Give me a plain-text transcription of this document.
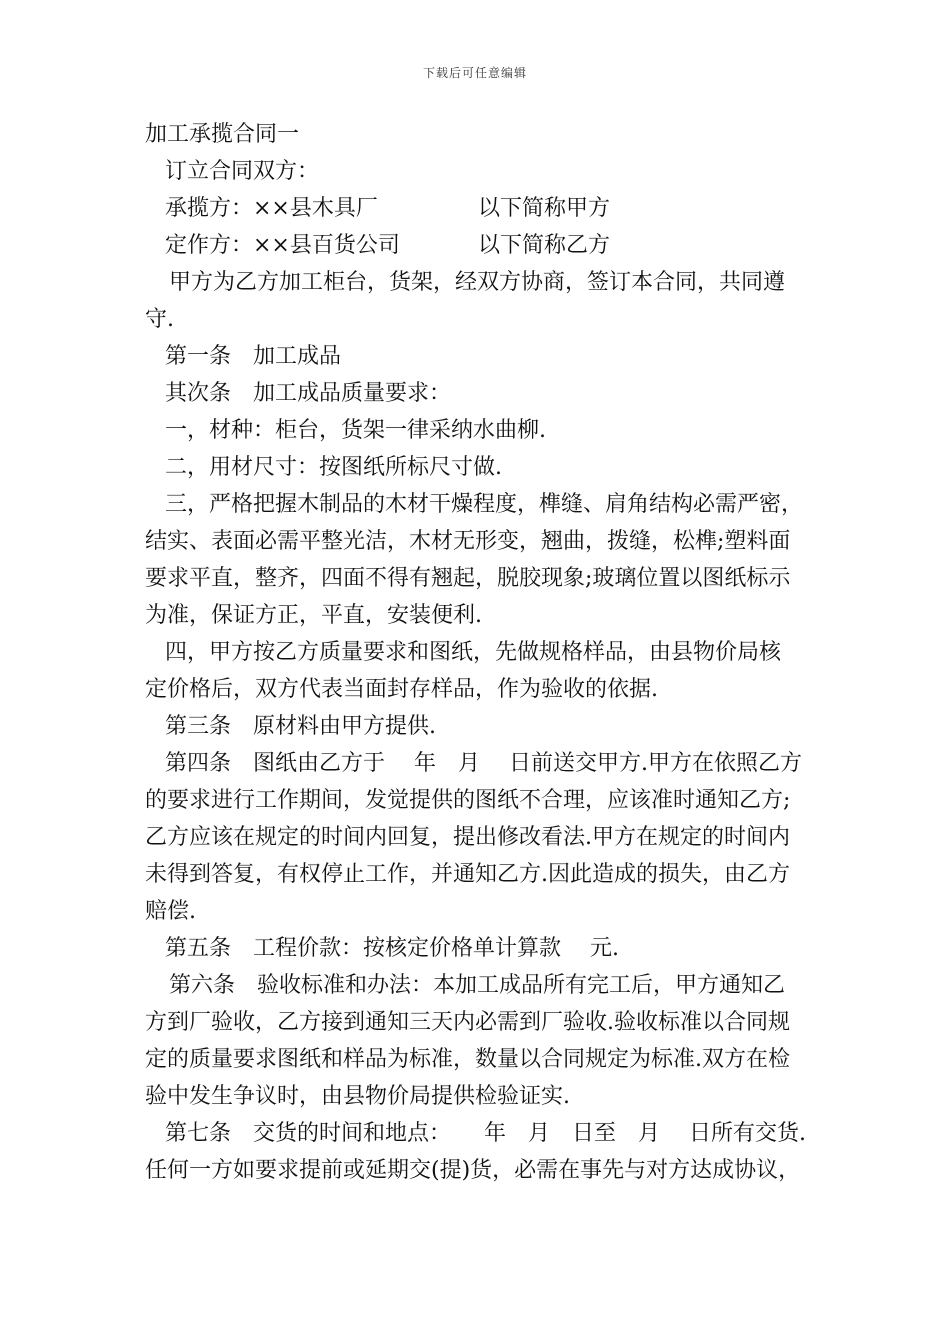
下载后可任意编辑
加工承揽合同一
订立合同双方：
承揽方：××县木具厂	以下简称甲方
定作方：××县百货公司	以下简称乙方
甲方为乙方加工柜台，货架，经双方协商，签订本合同，共同遵
守.
第一条　加工成品
其次条　加工成品质量要求：
一，材种：柜台，货架一律采纳水曲柳.
二，用材尺寸：按图纸所标尺寸做.
三，严格把握木制品的木材干燥程度，榫缝、肩角结构必需严密，
结实、表面必需平整光洁，木材无形变，翘曲，拨缝，松榫;塑料面
要求平直，整齐，四面不得有翘起，脱胶现象;玻璃位置以图纸标示
为准，保证方正，平直，安装便利.
四，甲方按乙方质量要求和图纸，先做规格样品，由县物价局核
定价格后，双方代表当面封存样品，作为验收的依据.
第三条　原材料由甲方提供.
第四条　图纸由乙方于　 年　月　 日前送交甲方.甲方在依照乙方
的要求进行工作期间，发觉提供的图纸不合理，应该准时通知乙方;
乙方应该在规定的时间内回复，提出修改看法.甲方在规定的时间内
未得到答复，有权停止工作，并通知乙方.因此造成的损失，由乙方
赔偿.
第五条　工程价款：按核定价格单计算款　 元.
第六条　验收标准和办法：本加工成品所有完工后，甲方通知乙
方到厂验收，乙方接到通知三天内必需到厂验收.验收标准以合同规
定的质量要求图纸和样品为标准，数量以合同规定为标准.双方在检
验中发生争议时，由县物价局提供检验证实.
第七条　交货的时间和地点：　　年　月　日至　月　 日所有交货.
任何一方如要求提前或延期交(提)货，必需在事先与对方达成协议，
